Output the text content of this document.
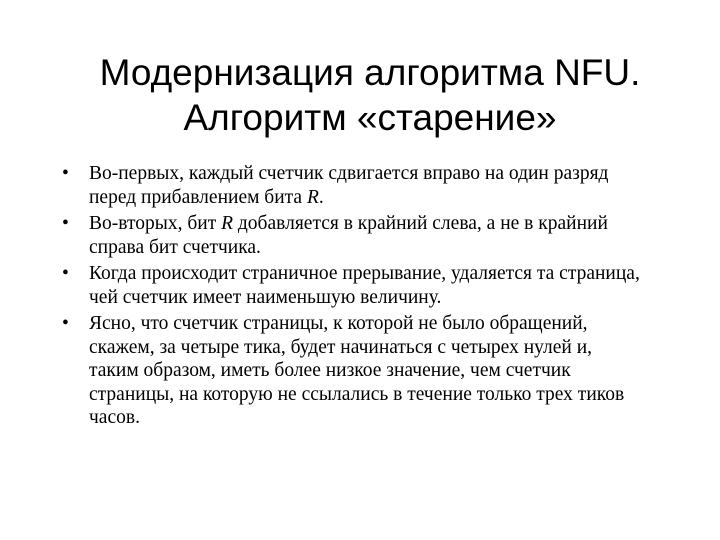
Модернизация алгоритма NFU.
Алгоритм «старение»
•	Во-первых, каждый счетчик сдвигается вправо на один разряд
перед прибавлением бита R.
•	Во-вторых, бит R добавляется в крайний слева, а не в крайний
справа бит счетчика.
•	Когда происходит страничное прерывание, удаляется та страница,
чей счетчик имеет наименьшую величину.
•	Ясно, что счетчик страницы, к которой не было обращений,
скажем, за четыре тика, будет начинаться с четырех нулей и,
таким образом, иметь более низкое значение, чем счетчик
страницы, на которую не ссылались в течение только трех тиков
часов.
